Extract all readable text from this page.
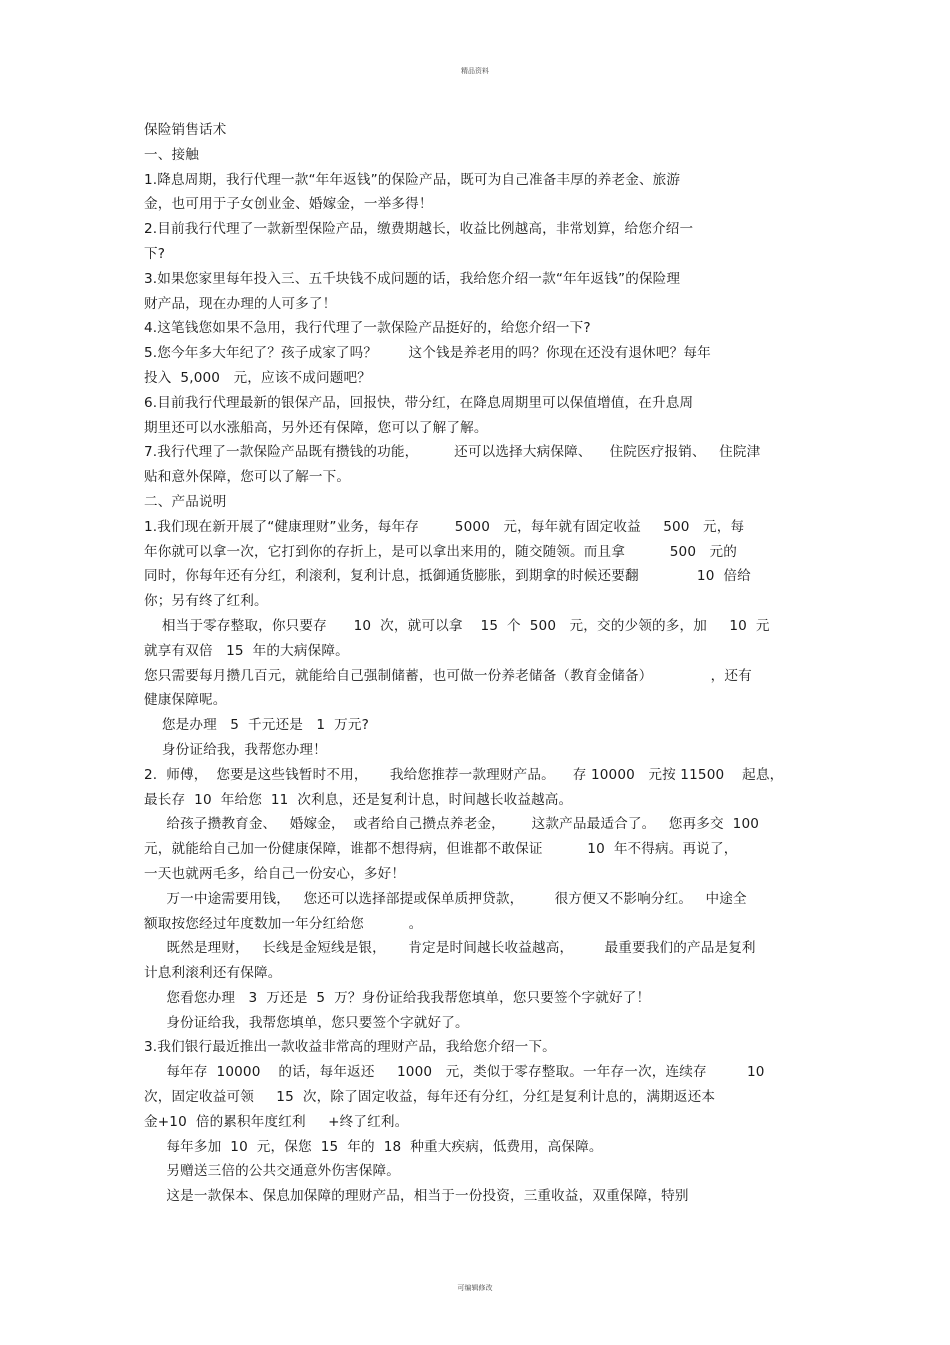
精品资料
保险销售话术
一、接触
1.降息周期，我行代理一款“年年返钱”的保险产品，既可为自己准备丰厚的养老金、旅游
金，也可用于子女创业金、婚嫁金，一举多得！
2.目前我行代理了一款新型保险产品，缴费期越长，收益比例越高，非常划算，给您介绍一
下?
3.如果您家里每年投入三、五千块钱不成问题的话，我给您介绍一款“年年返钱”的保险理
财产品，现在办理的人可多了！
4.这笔钱您如果不急用，我行代理了一款保险产品挺好的，给您介绍一下?
5.您今年多大年纪了？孩子成家了吗？       这个钱是养老用的吗？你现在还没有退休吧？每年
投入  5,000   元，应该不成问题吧？
6.目前我行代理最新的银保产品，回报快，带分红，在降息周期里可以保值增值，在升息周
期里还可以水涨船高，另外还有保障，您可以了解了解。
7.我行代理了一款保险产品既有攒钱的功能，        还可以选择大病保障、    住院医疗报销、   住院津
贴和意外保障，您可以了解一下。
二、产品说明
1.我们现在新开展了“健康理财”业务，每年存        5000   元，每年就有固定收益     500   元，每
年你就可以拿一次，它打到你的存折上，是可以拿出来用的，随交随领。而且拿          500   元的
同时，你每年还有分红，利滚利，复利计息，抵御通货膨胀，到期拿的时候还要翻             10  倍给
你；另有终了红利。
相当于零存整取，你只要存      10  次，就可以拿    15  个  500   元，交的少领的多，加     10  元
就享有双倍   15  年的大病保障。
您只需要每月攒几百元，就能给自己强制储蓄，也可做一份养老储备（教育金储备）             ，还有
健康保障呢。
您是办理   5  千元还是   1  万元?
身份证给我，我帮您办理！
2.  师傅，  您要是这些钱暂时不用，     我给您推荐一款理财产品。    存 10000   元按 11500    起息，
最长存  10  年给您  11  次利息，还是复利计息，时间越长收益越高。
给孩子攒教育金、   婚嫁金，  或者给自己攒点养老金，      这款产品最适合了。   您再多交  100
元，就能给自己加一份健康保障，谁都不想得病，但谁都不敢保证          10  年不得病。再说了，
一天也就两毛多，给自己一份安心，多好！
万一中途需要用钱，   您还可以选择部提或保单质押贷款，       很方便又不影响分红。   中途全
额取按您经过年度数加一年分红给您          。
既然是理财，   长线是金短线是银，     肯定是时间越长收益越高，       最重要我们的产品是复利
计息利滚利还有保障。
您看您办理   3  万还是  5  万？身份证给我我帮您填单，您只要签个字就好了！
身份证给我，我帮您填单，您只要签个字就好了。
3.我们银行最近推出一款收益非常高的理财产品，我给您介绍一下。
每年存  10000    的话，每年返还     1000   元，类似于零存整取。一年存一次，连续存         10
次，固定收益可领     15  次，除了固定收益，每年还有分红，分红是复利计息的，满期返还本
金+10  倍的累积年度红利     +终了红利。
每年多加  10  元，保您  15  年的  18  种重大疾病，低费用，高保障。
另赠送三倍的公共交通意外伤害保障。
这是一款保本、保息加保障的理财产品，相当于一份投资，三重收益，双重保障，特别
可编辑修改
